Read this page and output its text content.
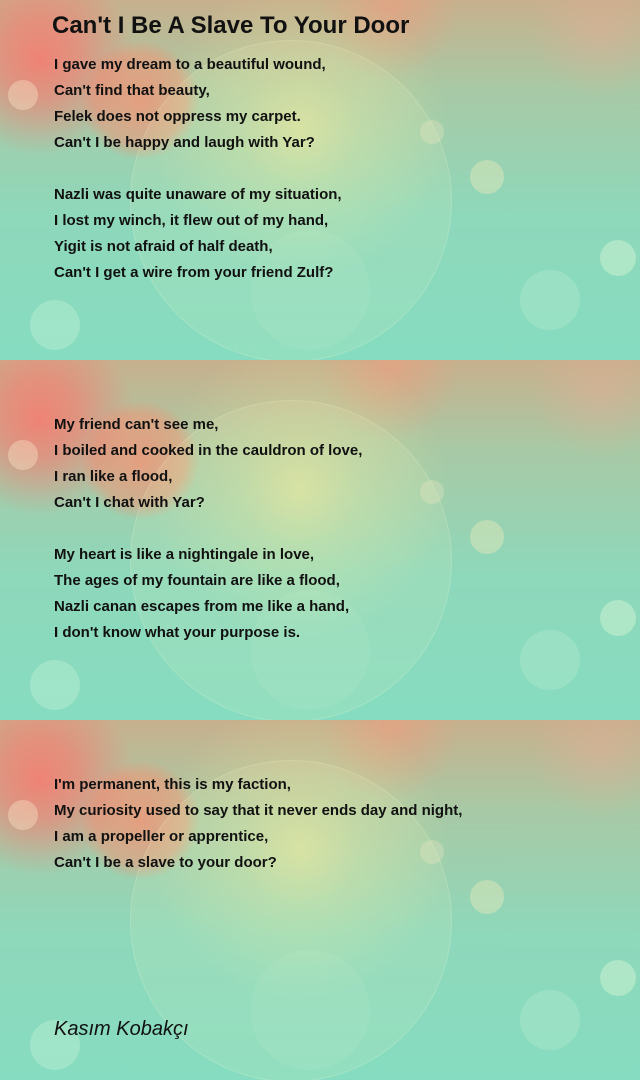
Can't I Be A Slave To Your Door
I gave my dream to a beautiful wound,
Can't find that beauty,
Felek does not oppress my carpet.
Can't I be happy and laugh with Yar?
Nazli was quite unaware of my situation,
I lost my winch, it flew out of my hand,
Yigit is not afraid of half death,
Can't I get a wire from your friend Zulf?
My friend can't see me,
I boiled and cooked in the cauldron of love,
I ran like a flood,
Can't I chat with Yar?
My heart is like a nightingale in love,
The ages of my fountain are like a flood,
Nazli canan escapes from me like a hand,
I don't know what your purpose is.
I'm permanent, this is my faction,
My curiosity used to say that it never ends day and night,
I am a propeller or apprentice,
Can't I be a slave to your door?
Kasım Kobakçı
